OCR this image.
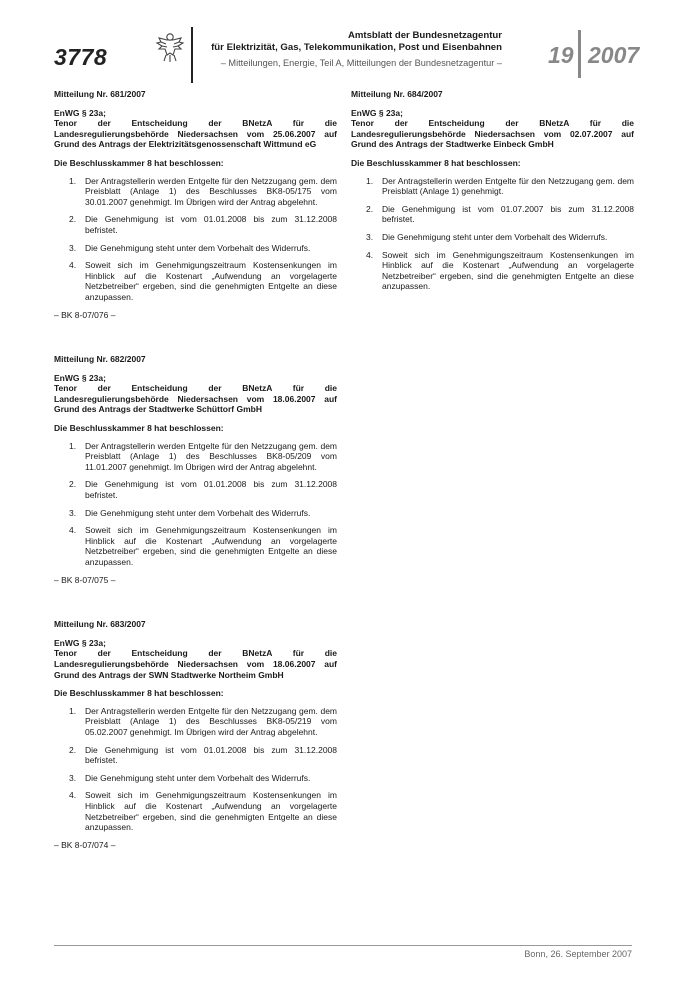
3778
Amtsblatt der Bundesnetzagentur
für Elektrizität, Gas, Telekommunikation, Post und Eisenbahnen
– Mitteilungen, Energie, Teil A, Mitteilungen der Bundesnetzagentur – 19 2007
Mitteilung Nr. 681/2007
EnWG § 23a;
Tenor der Entscheidung der BNetzA für die Landesregulierungsbehörde Niedersachsen vom 25.06.2007 auf Grund des Antrags der Elektrizitätsgenossenschaft Wittmund eG
Die Beschlusskammer 8 hat beschlossen:
1. Der Antragstellerin werden Entgelte für den Netzzugang gem. dem Preisblatt (Anlage 1) des Beschlusses BK8-05/175 vom 30.01.2007 genehmigt. Im Übrigen wird der Antrag abgelehnt.
2. Die Genehmigung ist vom 01.01.2008 bis zum 31.12.2008 befristet.
3. Die Genehmigung steht unter dem Vorbehalt des Widerrufs.
4. Soweit sich im Genehmigungszeitraum Kostensenkungen im Hinblick auf die Kostenart „Aufwendung an vorgelagerte Netzbetreiber“ ergeben, sind die genehmigten Entgelte an diese anzupassen.
– BK 8-07/076 –
Mitteilung Nr. 682/2007
EnWG § 23a;
Tenor der Entscheidung der BNetzA für die Landesregulierungsbehörde Niedersachsen vom 18.06.2007 auf Grund des Antrags der Stadtwerke Schüttorf GmbH
Die Beschlusskammer 8 hat beschlossen:
1. Der Antragstellerin werden Entgelte für den Netzzugang gem. dem Preisblatt (Anlage 1) des Beschlusses BK8-05/209 vom 11.01.2007 genehmigt. Im Übrigen wird der Antrag abgelehnt.
2. Die Genehmigung ist vom 01.01.2008 bis zum 31.12.2008 befristet.
3. Die Genehmigung steht unter dem Vorbehalt des Widerrufs.
4. Soweit sich im Genehmigungszeitraum Kostensenkungen im Hinblick auf die Kostenart „Aufwendung an vorgelagerte Netzbetreiber“ ergeben, sind die genehmigten Entgelte an diese anzupassen.
– BK 8-07/075 –
Mitteilung Nr. 683/2007
EnWG § 23a;
Tenor der Entscheidung der BNetzA für die Landesregulierungsbehörde Niedersachsen vom 18.06.2007 auf Grund des Antrags der SWN Stadtwerke Northeim GmbH
Die Beschlusskammer 8 hat beschlossen:
1. Der Antragstellerin werden Entgelte für den Netzzugang gem. dem Preisblatt (Anlage 1) des Beschlusses BK8-05/219 vom 05.02.2007 genehmigt. Im Übrigen wird der Antrag abgelehnt.
2. Die Genehmigung ist vom 01.01.2008 bis zum 31.12.2008 befristet.
3. Die Genehmigung steht unter dem Vorbehalt des Widerrufs.
4. Soweit sich im Genehmigungszeitraum Kostensenkungen im Hinblick auf die Kostenart „Aufwendung an vorgelagerte Netzbetreiber“ ergeben, sind die genehmigten Entgelte an diese anzupassen.
– BK 8-07/074 –
Mitteilung Nr. 684/2007
EnWG § 23a;
Tenor der Entscheidung der BNetzA für die Landesregulierungsbehörde Niedersachsen vom 02.07.2007 auf Grund des Antrags der Stadtwerke Einbeck GmbH
Die Beschlusskammer 8 hat beschlossen:
1. Der Antragstellerin werden Entgelte für den Netzzugang gem. dem Preisblatt (Anlage 1) genehmigt.
2. Die Genehmigung ist vom 01.07.2007 bis zum 31.12.2008 befristet.
3. Die Genehmigung steht unter dem Vorbehalt des Widerrufs.
4. Soweit sich im Genehmigungszeitraum Kostensenkungen im Hinblick auf die Kostenart „Aufwendung an vorgelagerte Netzbetreiber“ ergeben, sind die genehmigten Entgelte an diese anzupassen.
Bonn, 26. September 2007
